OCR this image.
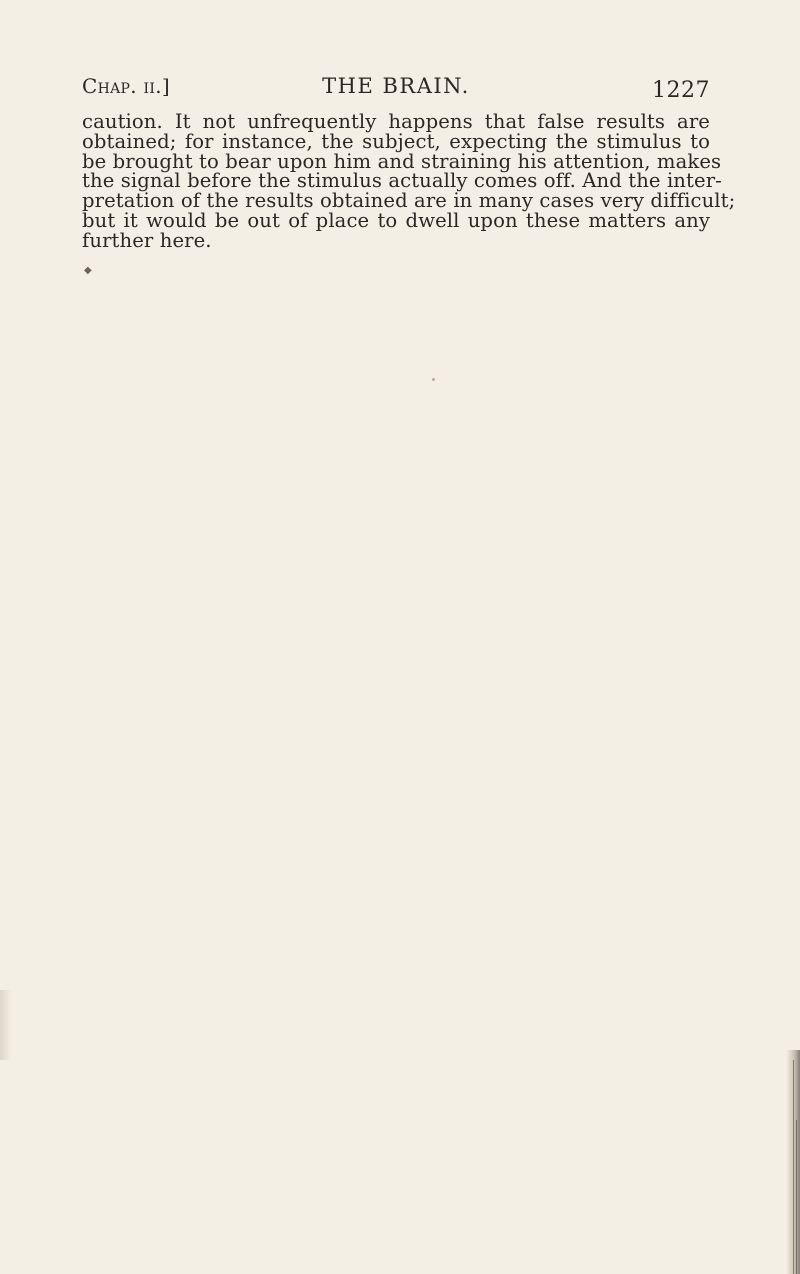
Chap. ii.]	THE BRAIN.	1227
caution. It not unfrequently happens that false results are
obtained; for instance, the subject, expecting the stimulus to
be brought to bear upon him and straining his attention, makes
the signal before the stimulus actually comes off. And the inter-
pretation of the results obtained are in many cases very difficult;
but it would be out of place to dwell upon these matters any
further here.
◆
